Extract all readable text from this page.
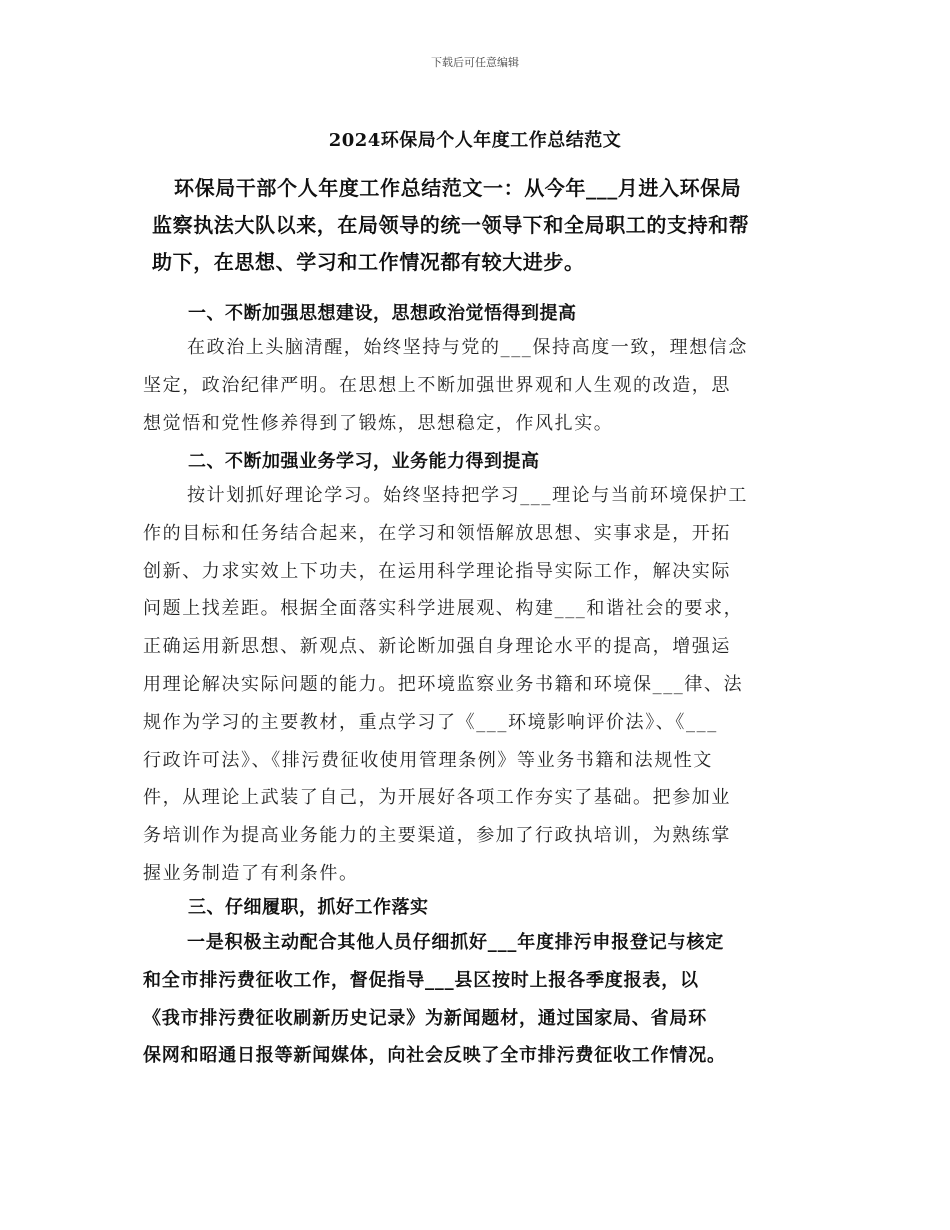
下载后可任意编辑
2024环保局个人年度工作总结范文

环保局干部个人年度工作总结范文一：从今年___月进入环保局
监察执法大队以来，在局领导的统一领导下和全局职工的支持和帮
助下，在思想、学习和工作情况都有较大进步。

一、不断加强思想建设，思想政治觉悟得到提高

在政治上头脑清醒，始终坚持与党的___保持高度一致，理想信念
坚定，政治纪律严明。在思想上不断加强世界观和人生观的改造，思
想觉悟和党性修养得到了锻炼，思想稳定，作风扎实。

二、不断加强业务学习，业务能力得到提高

按计划抓好理论学习。始终坚持把学习___理论与当前环境保护工
作的目标和任务结合起来，在学习和领悟解放思想、实事求是，开拓
创新、力求实效上下功夫，在运用科学理论指导实际工作，解决实际
问题上找差距。根据全面落实科学进展观、构建___和谐社会的要求，
正确运用新思想、新观点、新论断加强自身理论水平的提高，增强运
用理论解决实际问题的能力。把环境监察业务书籍和环境保___律、法
规作为学习的主要教材，重点学习了《___环境影响评价法》、《___
行政许可法》、《排污费征收使用管理条例》等业务书籍和法规性文
件，从理论上武装了自己，为开展好各项工作夯实了基础。把参加业
务培训作为提高业务能力的主要渠道，参加了行政执培训，为熟练掌
握业务制造了有利条件。

三、仔细履职，抓好工作落实

一是积极主动配合其他人员仔细抓好___年度排污申报登记与核定
和全市排污费征收工作，督促指导___县区按时上报各季度报表，以
《我市排污费征收刷新历史记录》为新闻题材，通过国家局、省局环
保网和昭通日报等新闻媒体，向社会反映了全市排污费征收工作情况。
